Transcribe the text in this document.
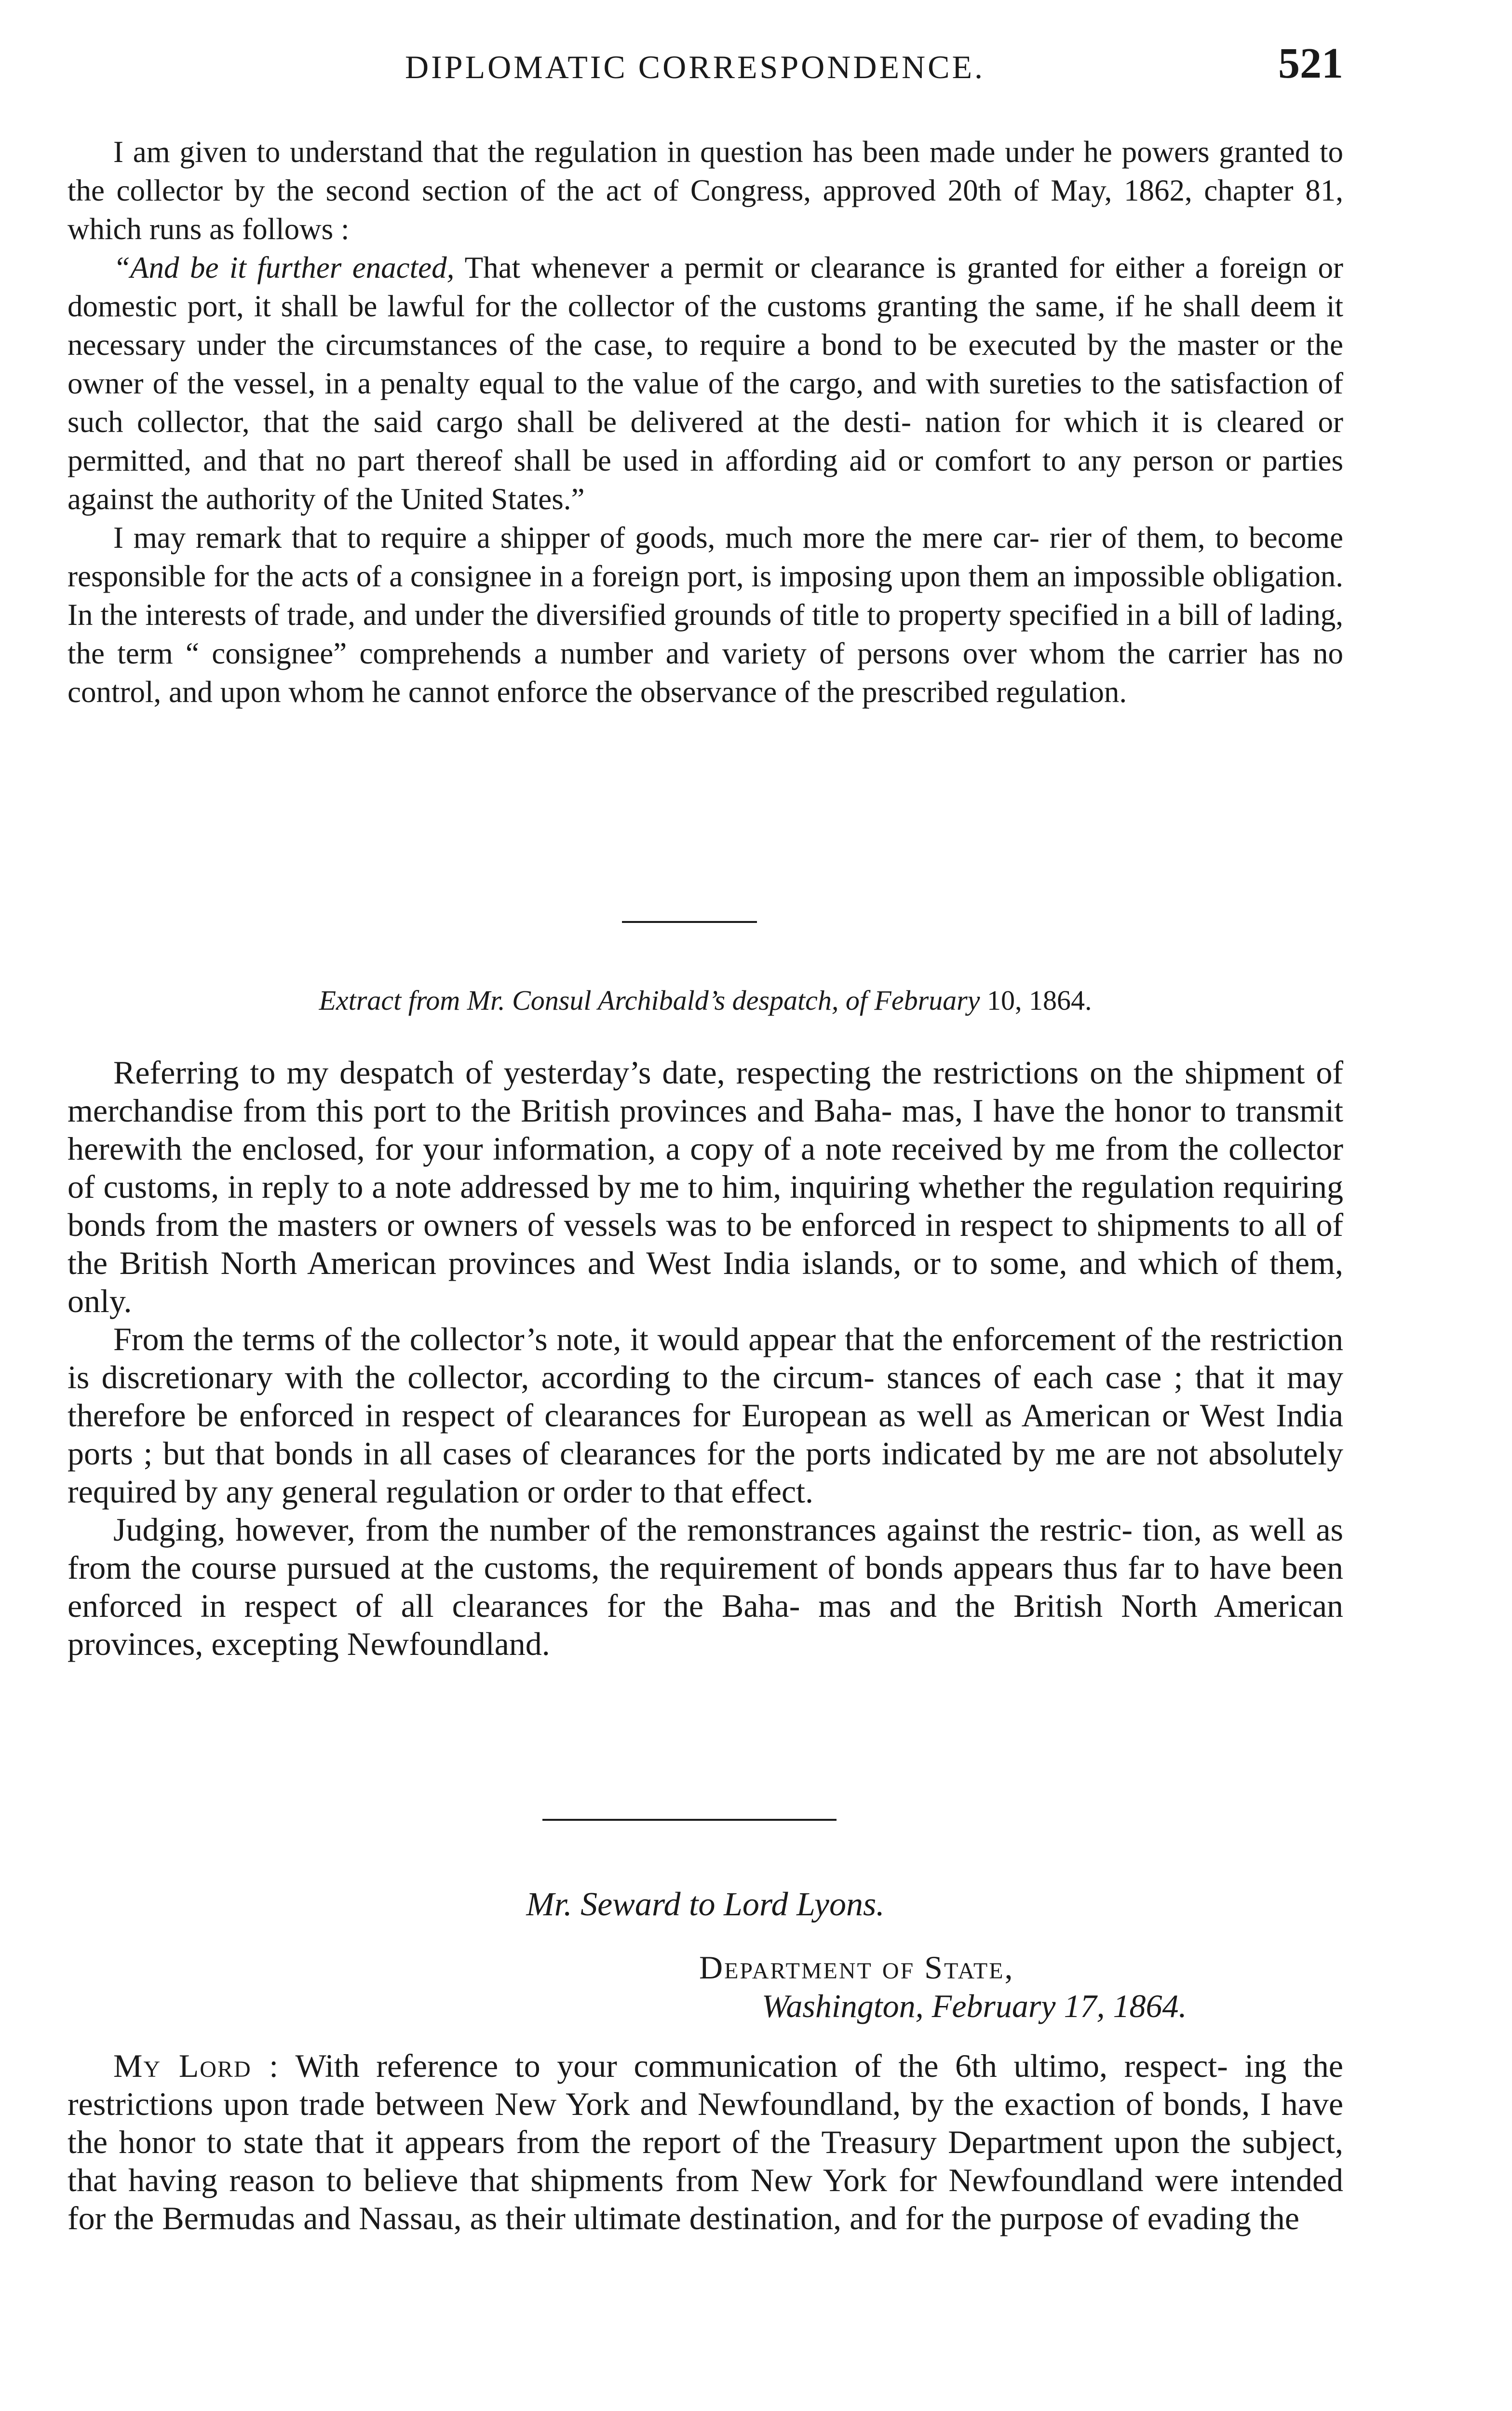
DIPLOMATIC CORRESPONDENCE.	521

I am given to understand that the regulation in question has been made under he powers granted to the collector by the second section of the act of Congress, approved 20th of May, 1862, chapter 81, which runs as follows :

“And be it further enacted, That whenever a permit or clearance is granted for either a foreign or domestic port, it shall be lawful for the collector of the customs granting the same, if he shall deem it necessary under the circumstances of the case, to require a bond to be executed by the master or the owner of the vessel, in a penalty equal to the value of the cargo, and with sureties to the satisfaction of such collector, that the said cargo shall be delivered at the desti- nation for which it is cleared or permitted, and that no part thereof shall be used in affording aid or comfort to any person or parties against the authority of the United States.”

I may remark that to require a shipper of goods, much more the mere car- rier of them, to become responsible for the acts of a consignee in a foreign port, is imposing upon them an impossible obligation. In the interests of trade, and under the diversified grounds of title to property specified in a bill of lading, the term “ consignee” comprehends a number and variety of persons over whom the carrier has no control, and upon whom he cannot enforce the observance of the prescribed regulation.

Extract from Mr. Consul Archibald’s despatch, of February 10, 1864.

Referring to my despatch of yesterday’s date, respecting the restrictions on the shipment of merchandise from this port to the British provinces and Baha- mas, I have the honor to transmit herewith the enclosed, for your information, a copy of a note received by me from the collector of customs, in reply to a note addressed by me to him, inquiring whether the regulation requiring bonds from the masters or owners of vessels was to be enforced in respect to shipments to all of the British North American provinces and West India islands, or to some, and which of them, only.

From the terms of the collector’s note, it would appear that the enforcement of the restriction is discretionary with the collector, according to the circum- stances of each case ; that it may therefore be enforced in respect of clearances for European as well as American or West India ports ; but that bonds in all cases of clearances for the ports indicated by me are not absolutely required by any general regulation or order to that effect.

Judging, however, from the number of the remonstrances against the restric- tion, as well as from the course pursued at the customs, the requirement of bonds appears thus far to have been enforced in respect of all clearances for the Baha- mas and the British North American provinces, excepting Newfoundland.

Mr. Seward to Lord Lyons.

Department of State,
Washington, February 17, 1864.

My Lord : With reference to your communication of the 6th ultimo, respect- ing the restrictions upon trade between New York and Newfoundland, by the exaction of bonds, I have the honor to state that it appears from the report of the Treasury Department upon the subject, that having reason to believe that shipments from New York for Newfoundland were intended for the Bermudas and Nassau, as their ultimate destination, and for the purpose of evading the
